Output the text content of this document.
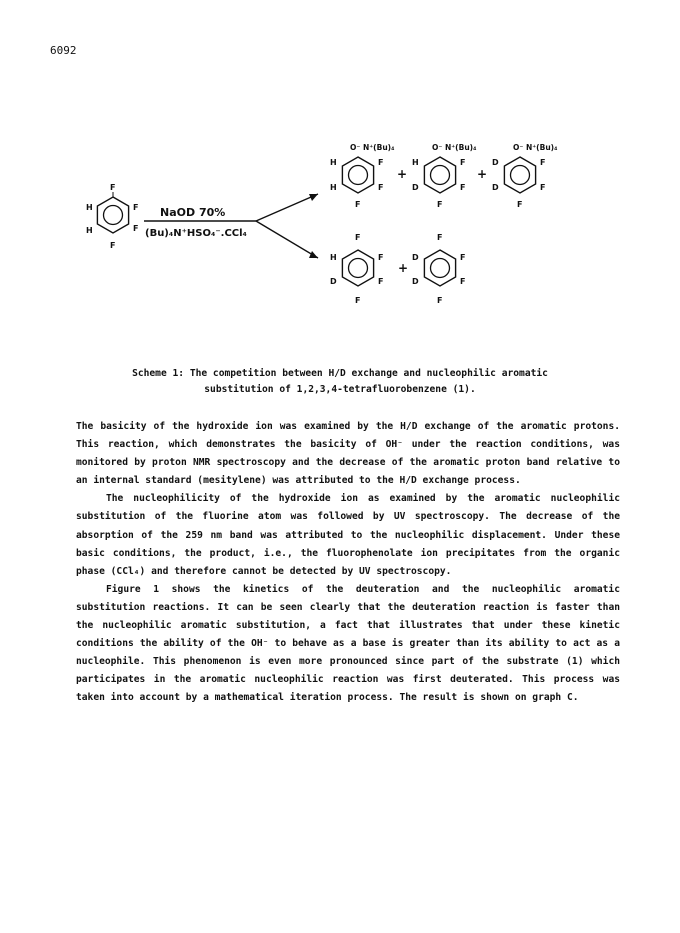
6092
F
F
F
F
H
H
NaOD 70%
(Bu)₄N⁺HSO₄⁻.CCl₄
O⁻ N⁺(Bu)₄
F
F
F
H
H
+
O⁻ N⁺(Bu)₄
F
F
F
H
D
+
O⁻ N⁺(Bu)₄
F
F
F
D
D
F
F
F
F
H
D
+
F
F
F
F
D
D
Scheme 1: The competition between H/D exchange and nucleophilic aromatic
substitution of 1,2,3,4-tetrafluorobenzene (1).

The basicity of the hydroxide ion was examined by the H/D exchange of the aromatic protons. This reaction, which demonstrates the basicity of OH⁻ under the reaction conditions, was monitored by proton NMR spectroscopy and the decrease of the aromatic proton band relative to an internal standard (mesitylene) was attributed to the H/D exchange process.

The nucleophilicity of the hydroxide ion as examined by the aromatic nucleophilic substitution of the fluorine atom was followed by UV spectroscopy. The decrease of the absorption of the 259 nm band was attributed to the nucleophilic displacement. Under these basic conditions, the product, i.e., the fluorophenolate ion precipitates from the organic phase (CCl₄) and therefore cannot be detected by UV spectroscopy.

Figure 1 shows the kinetics of the deuteration and the nucleophilic aromatic substitution reactions. It can be seen clearly that the deuteration reaction is faster than the nucleophilic aromatic substitution, a fact that illustrates that under these kinetic conditions the ability of the OH⁻ to behave as a base is greater than its ability to act as a nucleophile. This phenomenon is even more pronounced since part of the substrate (1) which participates in the aromatic nucleophilic reaction was first deuterated. This process was taken into account by a mathematical iteration process. The result is shown on graph C.
